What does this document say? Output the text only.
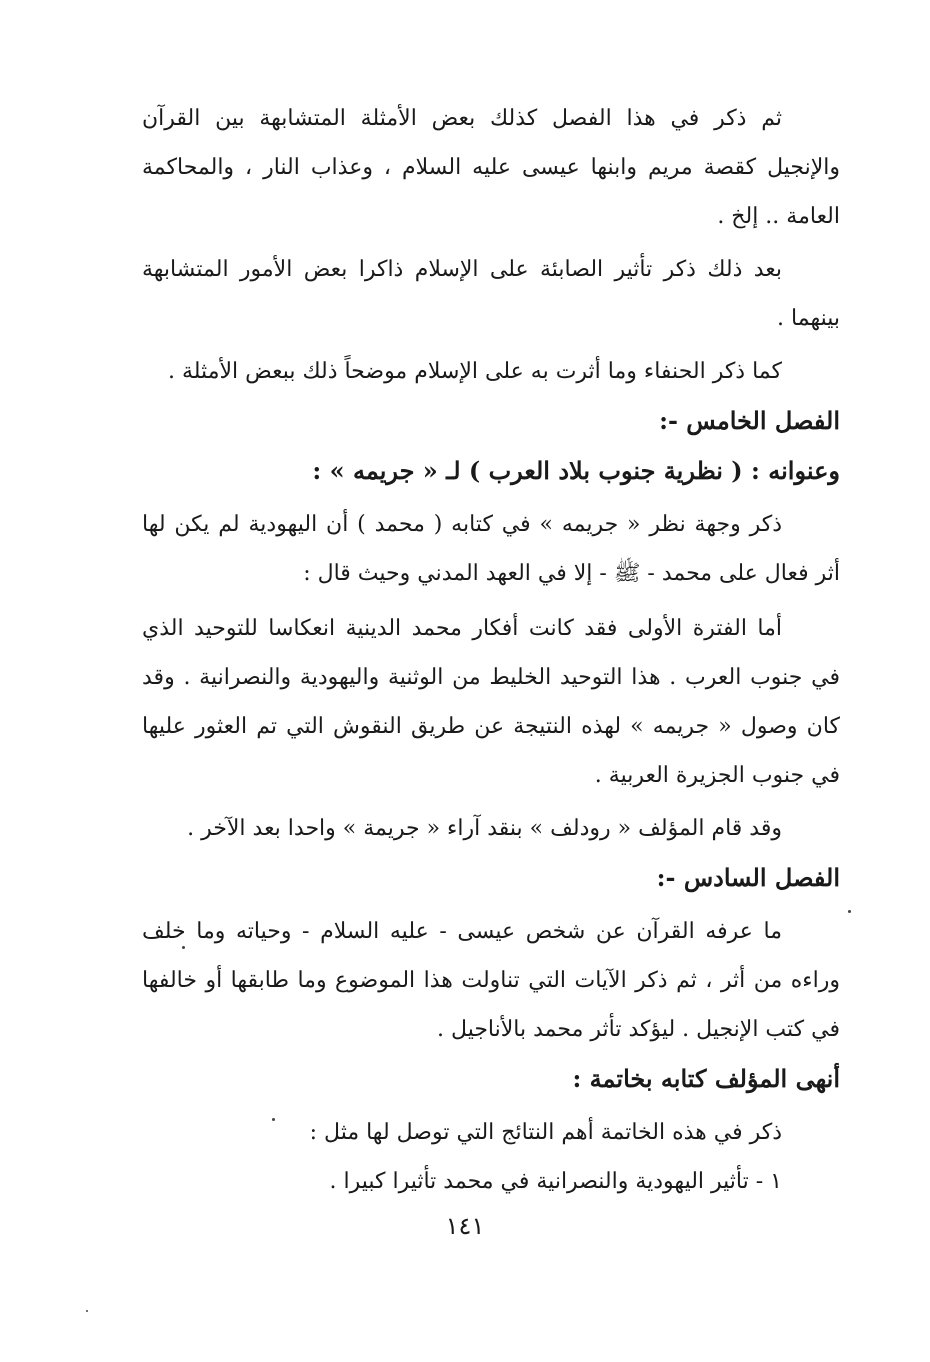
ثم ذكر في هذا الفصل كذلك بعض الأمثلة المتشابهة بين القرآن والإنجيل كقصة مريم وابنها عيسى عليه السلام ، وعذاب النار ، والمحاكمة العامة .. إلخ .

بعد ذلك ذكر تأثير الصابئة على الإسلام ذاكرا بعض الأمور المتشابهة بينهما .

كما ذكر الحنفاء وما أثرت به على الإسلام موضحاً ذلك ببعض الأمثلة .

الفصل الخامس -:

وعنوانه : ( نظرية جنوب بلاد العرب ) لـ « جريمه » :

ذكر وجهة نظر « جريمه » في كتابه ( محمد ) أن اليهودية لم يكن لها أثر فعال على محمد - ﷺ - إلا في العهد المدني وحيث قال :

أما الفترة الأولى فقد كانت أفكار محمد الدينية انعكاسا للتوحيد الذي في جنوب العرب . هذا التوحيد الخليط من الوثنية واليهودية والنصرانية . وقد كان وصول « جريمه » لهذه النتيجة عن طريق النقوش التي تم العثور عليها في جنوب الجزيرة العربية .

وقد قام المؤلف « رودلف » بنقد آراء « جريمة » واحدا بعد الآخر .

الفصل السادس -:

ما عرفه القرآن عن شخص عيسى - عليه السلام - وحياته وما خلف وراءه من أثر ، ثم ذكر الآيات التي تناولت هذا الموضوع وما طابقها أو خالفها في كتب الإنجيل . ليؤكد تأثر محمد بالأناجيل .

أنهى المؤلف كتابه بخاتمة :

ذكر في هذه الخاتمة أهم النتائج التي توصل لها مثل :

١ - تأثير اليهودية والنصرانية في محمد تأثيرا كبيرا .

١٤١
